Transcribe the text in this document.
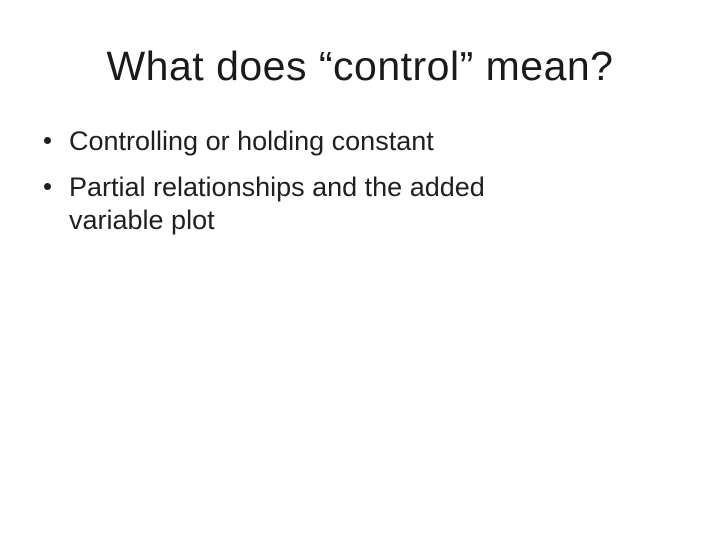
What does “control” mean?
Controlling or holding constant
Partial relationships and the added variable plot
